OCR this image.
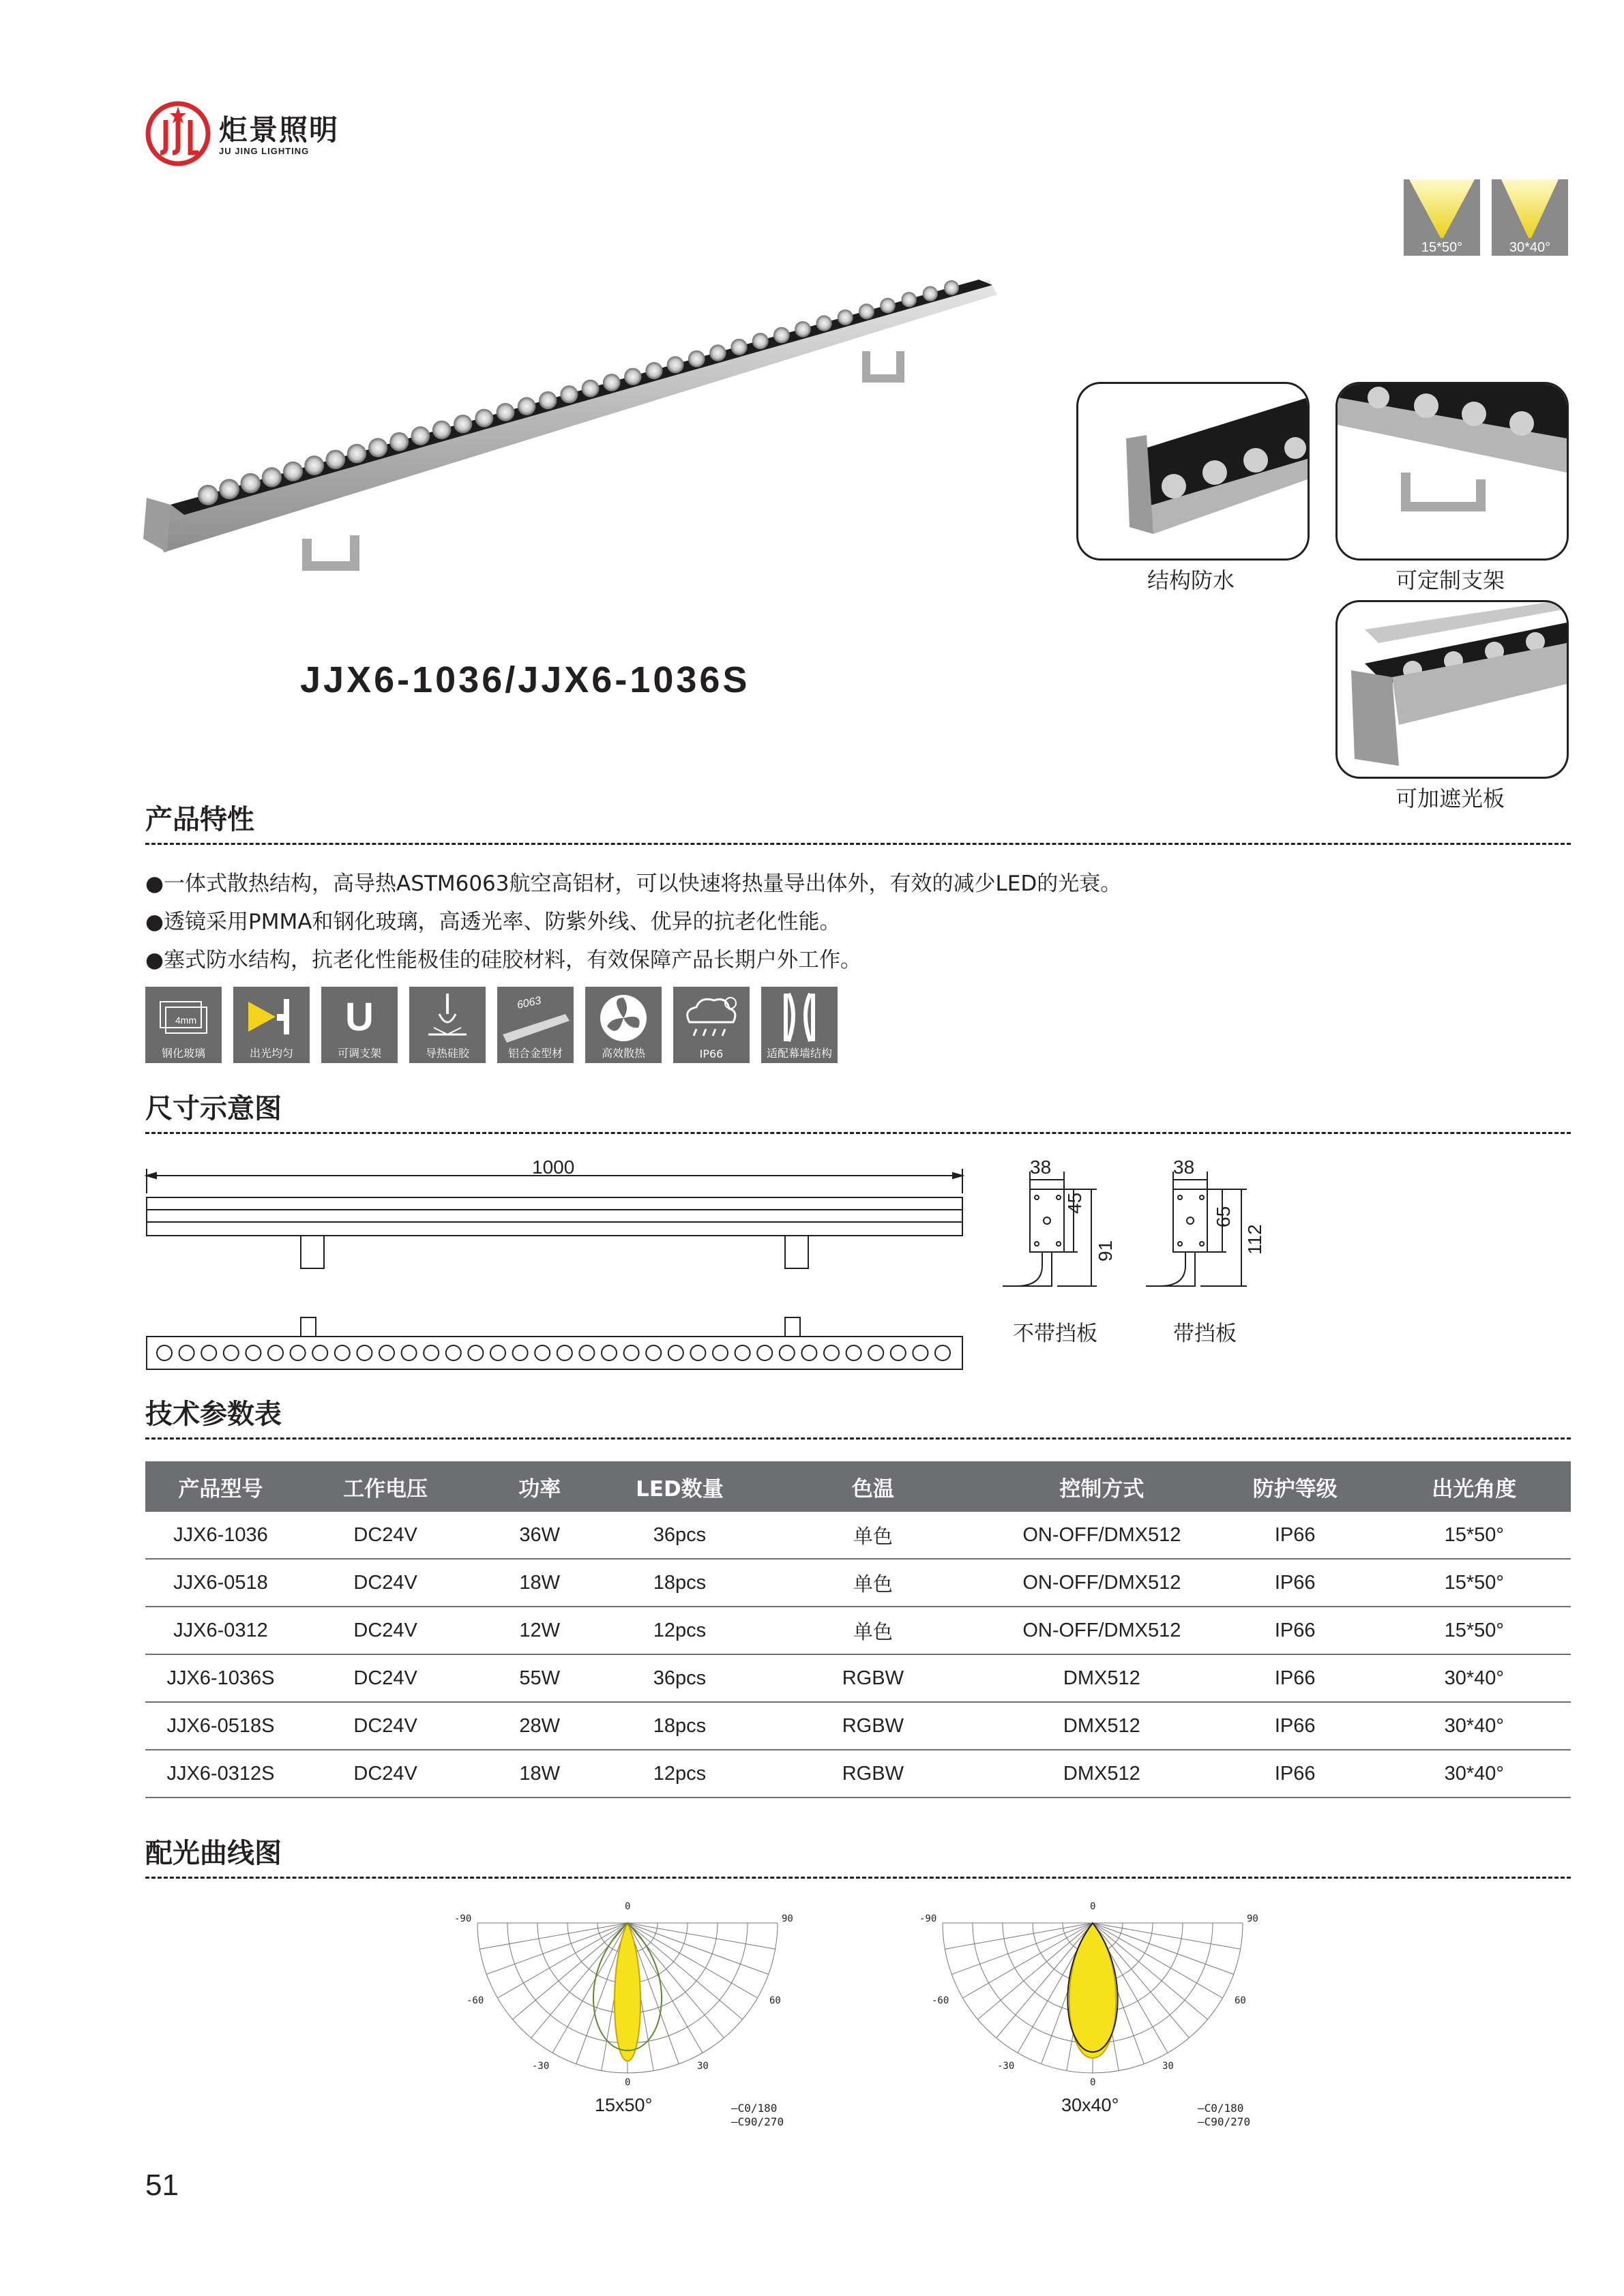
炬景照明
JU JING LIGHTING
15*50°	30*40°
结构防水	可定制支架
可加遮光板
JJX6-1036/JJX6-1036S
产品特性
●一体式散热结构，高导热ASTM6063航空高铝材，可以快速将热量导出体外，有效的减少LED的光衰。
●透镜采用PMMA和钢化玻璃，高透光率、防紫外线、优异的抗老化性能。
●塞式防水结构，抗老化性能极佳的硅胶材料，有效保障产品长期户外工作。
4mm
钢化玻璃	出光均匀
U
可调支架	导热硅胶
6063
铝合金型材	高效散热	IP66	适配幕墙结构
尺寸示意图
1000	38
45
91
不带挡板
38
65
112
带挡板
技术参数表
产品型号	工作电压	功率	LED数量	色温	控制方式	防护等级	出光角度
JJX6-1036	DC24V	36W	36pcs	单色	ON-OFF/DMX512	IP66	15*50°
JJX6-0518	DC24V	18W	18pcs	单色	ON-OFF/DMX512	IP66	15*50°
JJX6-0312	DC24V	12W	12pcs	单色	ON-OFF/DMX512	IP66	15*50°
JJX6-1036S	DC24V	55W	36pcs	RGBW	DMX512	IP66	30*40°
JJX6-0518S	DC24V	28W	18pcs	RGBW	DMX512	IP66	30*40°
JJX6-0312S	DC24V	18W	12pcs	RGBW	DMX512	IP66	30*40°
配光曲线图
15x50°	—C0/180
—C90/270
30x40°	—C0/180
—C90/270
0
-90	90
-60	60
-30	30
0
0
-90	90
-60	60
-30	30
0
51
